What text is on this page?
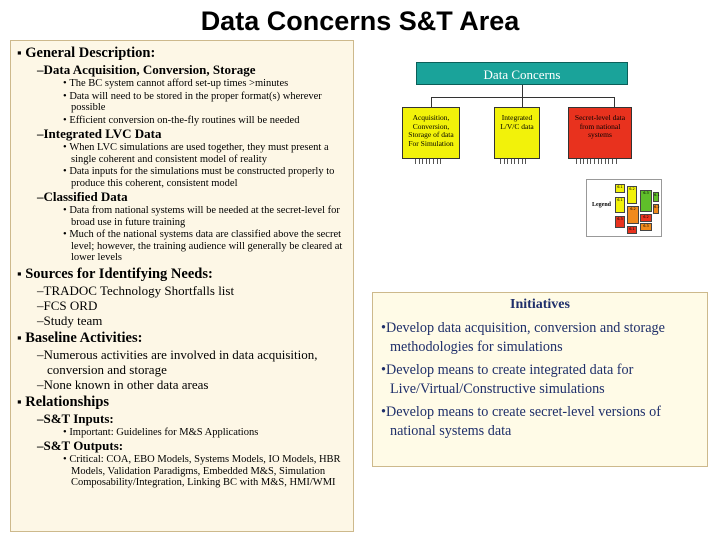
Data Concerns S&T Area
▪ General Description:
– Data Acquisition, Conversion, Storage
• The BC system cannot afford set-up times >minutes
• Data will need to be stored in the proper format(s) wherever possible
• Efficient conversion on-the-fly routines will be needed
– Integrated LVC Data
• When LVC simulations are used together, they must present a single coherent and consistent model of reality
• Data inputs for the simulations must be constructed properly to produce this coherent, consistent model
– Classified Data
• Data from national systems will be needed at the secret-level for broad use in future training
• Much of the national systems data are classified above the secret level; however, the training audience will generally be cleared at lower levels
▪ Sources for Identifying Needs:
– TRADOC Technology Shortfalls list
– FCS ORD
– Study team
▪ Baseline Activities:
– Numerous activities are involved in data acquisition, conversion and storage
– None known in other data areas
▪ Relationships
– S&T Inputs:
• Important: Guidelines for M&S Applications
– S&T Outputs:
• Critical: COA, EBO Models, Systems Models, IO Models, HBR Models, Validation Paradigms, Embedded M&S, Simulation Composability/Integration, Linking BC with M&S, HMI/WMI
Data Concerns
Acquisition, Conversion, Storage of data For Simulation
Integrated L/V/C data
Secret-level data from national systems
Legend
6.1	6.2
6.3
6.1
6.2
6.3
6.1
6.2
6.3
6.1
6.2
Initiatives
• Develop data acquisition, conversion and storage methodologies for simulations
• Develop means to create integrated data for Live/Virtual/Constructive simulations
• Develop means to create secret-level versions of national systems data
